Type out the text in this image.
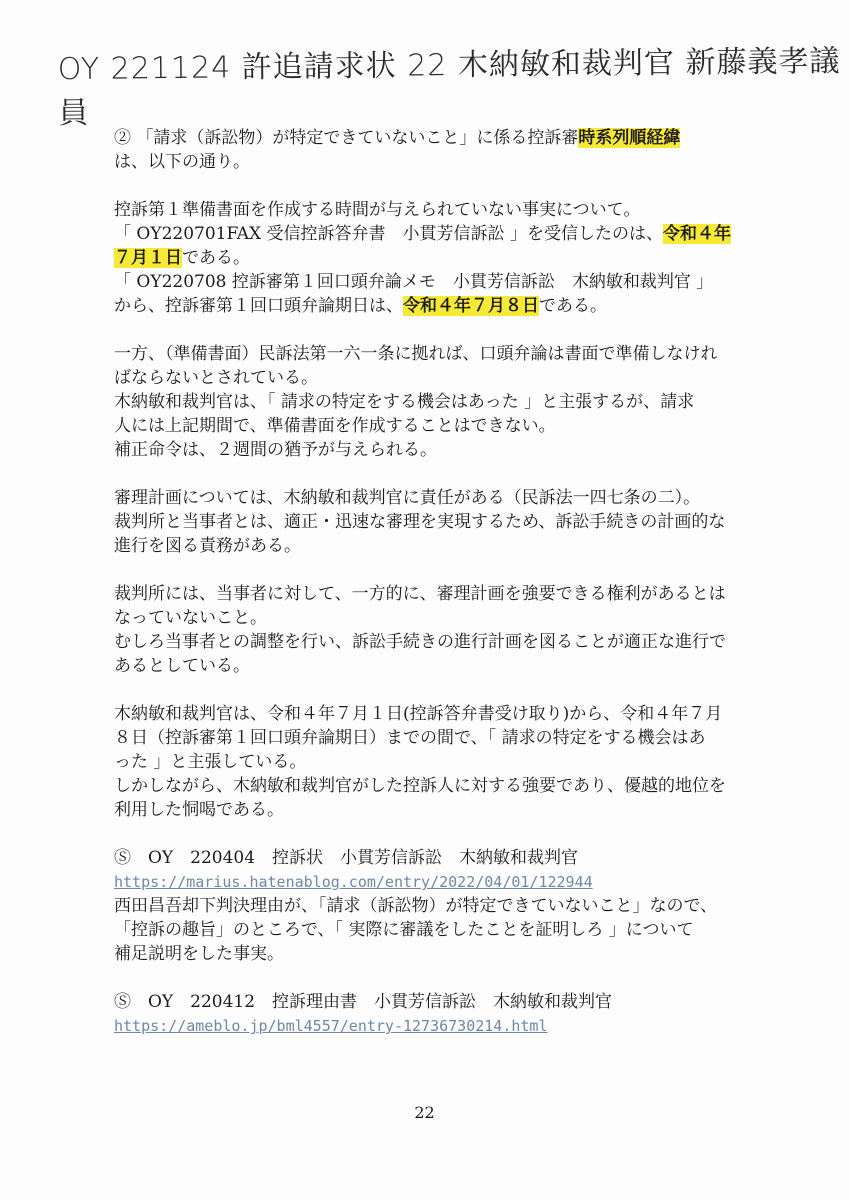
OY 221124 許追請求状 22 木納敏和裁判官 新藤義孝議員
② 「請求（訴訟物）が特定できていないこと」に係る控訴審時系列順経緯
は、以下の通り。
控訴第１準備書面を作成する時間が与えられていない事実について。
「 OY220701FAX 受信控訴答弁書　小貫芳信訴訟 」を受信したのは、令和４年
７月１日である。
「 OY220708 控訴審第１回口頭弁論メモ　小貫芳信訴訟　木納敏和裁判官 」
から、控訴審第１回口頭弁論期日は、令和４年７月８日である。
一方、（準備書面）民訴法第一六一条に拠れば、口頭弁論は書面で準備しなけれ
ばならないとされている。
木納敏和裁判官は、「 請求の特定をする機会はあった 」と主張するが、請求
人には上記期間で、準備書面を作成することはできない。
補正命令は、２週間の猶予が与えられる。
審理計画については、木納敏和裁判官に責任がある（民訴法一四七条の二）。
裁判所と当事者とは、適正・迅速な審理を実現するため、訴訟手続きの計画的な
進行を図る責務がある。
裁判所には、当事者に対して、一方的に、審理計画を強要できる権利があるとは
なっていないこと。
むしろ当事者との調整を行い、訴訟手続きの進行計画を図ることが適正な進行で
あるとしている。
木納敏和裁判官は、令和４年７月１日(控訴答弁書受け取り)から、令和４年７月
８日（控訴審第１回口頭弁論期日）までの間で、「 請求の特定をする機会はあ
った 」と主張している。
しかしながら、木納敏和裁判官がした控訴人に対する強要であり、優越的地位を
利用した恫喝である。
Ⓢ　OY　220404　控訴状　小貫芳信訴訟　木納敏和裁判官
https://marius.hatenablog.com/entry/2022/04/01/122944
西田昌吾却下判決理由が、「請求（訴訟物）が特定できていないこと」なので、
「控訴の趣旨」のところで、「 実際に審議をしたことを証明しろ 」について
補足説明をした事実。
Ⓢ　OY　220412　控訴理由書　小貫芳信訴訟　木納敏和裁判官
https://ameblo.jp/bml4557/entry-12736730214.html
22
